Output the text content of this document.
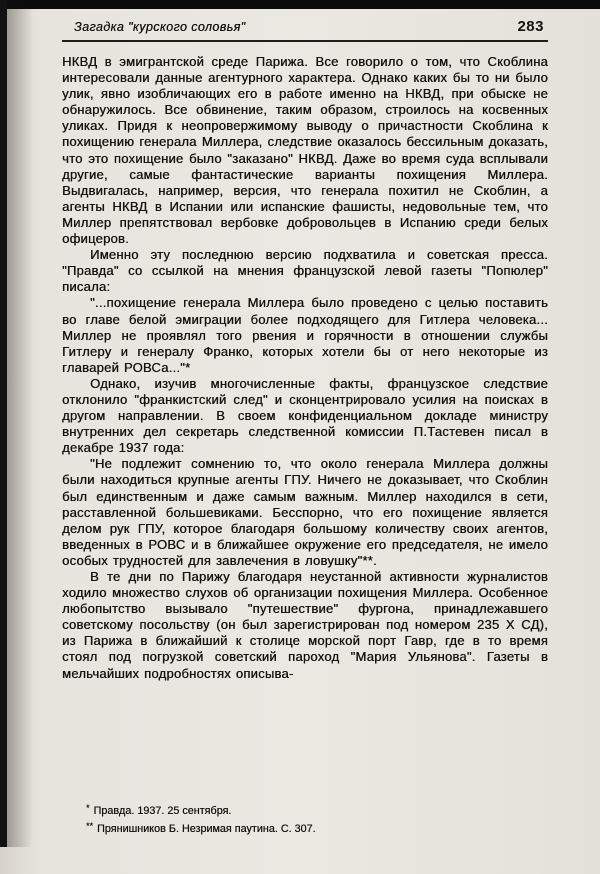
Загадка "курского соловья"	283

НКВД в эмигрантской среде Парижа. Все говорило о том, что Скоблина интересовали данные агентурного характера. Однако каких бы то ни было улик, явно изобличающих его в работе именно на НКВД, при обыске не обнаружилось. Все обвинение, таким образом, строилось на косвенных уликах. Придя к неопровержимому выводу о причастности Скоблина к похищению генерала Миллера, следствие оказалось бессильным доказать, что это похищение было "заказано" НКВД. Даже во время суда всплывали другие, самые фантастические варианты похищения Миллера. Выдвигалась, например, версия, что генерала похитил не Скоблин, а агенты НКВД в Испании или испанские фашисты, недовольные тем, что Миллер препятствовал вербовке добровольцев в Испанию среди белых офицеров.

Именно эту последнюю версию подхватила и советская пресса. "Правда" со ссылкой на мнения французской левой газеты "Попюлер" писала:

"...похищение генерала Миллера было проведено с целью поставить во главе белой эмиграции более подходящего для Гитлера человека... Миллер не проявлял того рвения и горячности в отношении службы Гитлеру и генералу Франко, которых хотели бы от него некоторые из главарей РОВСа..."*

Однако, изучив многочисленные факты, французское следствие отклонило "франкистский след" и сконцентрировало усилия на поисках в другом направлении. В своем конфиденциальном докладе министру внутренних дел секретарь следственной комиссии П.Тастевен писал в декабре 1937 года:

"Не подлежит сомнению то, что около генерала Миллера должны были находиться крупные агенты ГПУ. Ничего не доказывает, что Скоблин был единственным и даже самым важным. Миллер находился в сети, расставленной большевиками. Бесспорно, что его похищение является делом рук ГПУ, которое благодаря большому количеству своих агентов, введенных в РОВС и в ближайшее окружение его председателя, не имело особых трудностей для завлечения в ловушку"**.

В те дни по Парижу благодаря неустанной активности журналистов ходило множество слухов об организации похищения Миллера. Особенное любопытство вызывало "путешествие" фургона, принадлежавшего советскому посольству (он был зарегистрирован под номером 235 X СД), из Парижа в ближайший к столице морской порт Гавр, где в то время стоял под погрузкой советский пароход "Мария Ульянова". Газеты в мельчайших подробностях описыва-

* Правда. 1937. 25 сентября.
** Прянишников Б. Незримая паутина. С. 307.
